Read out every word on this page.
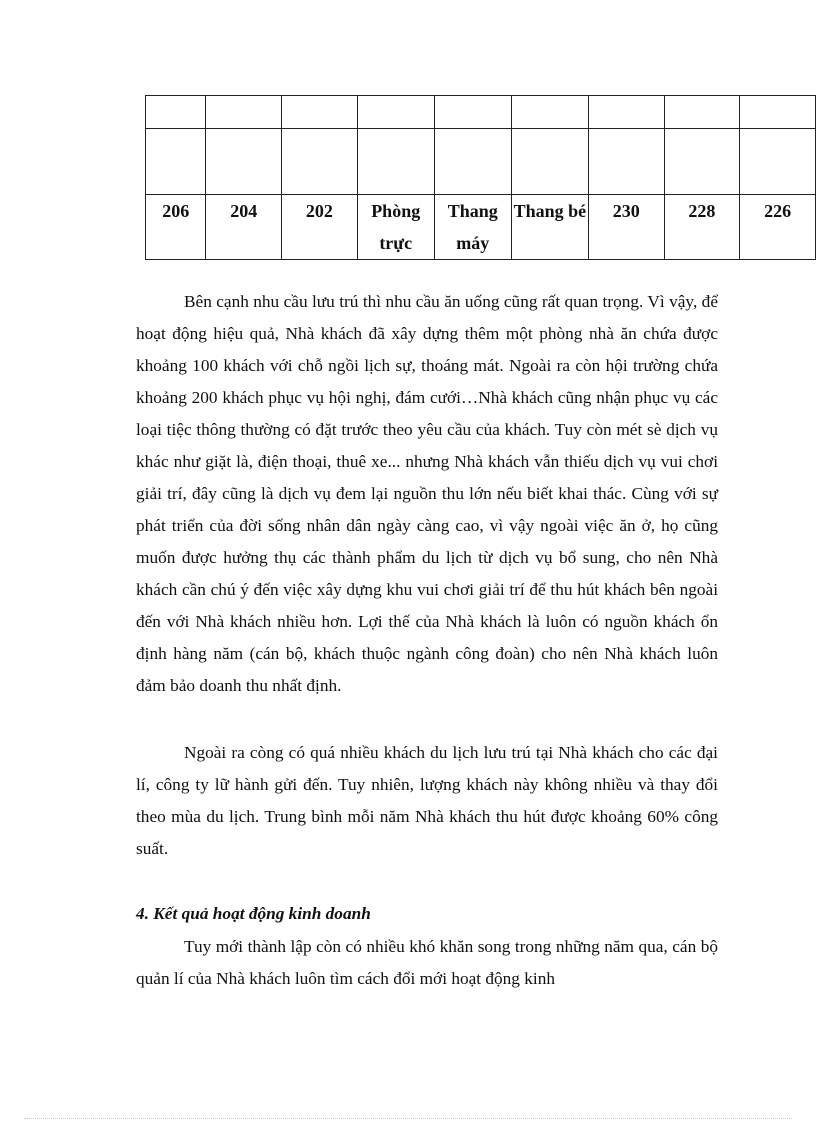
206	204	202	Phòng trực	Thang máy	Thang bé	230	228	226

Bên cạnh nhu cầu lưu trú thì nhu cầu ăn uống cũng rất quan trọng. Vì vậy, để hoạt động hiệu quả, Nhà khách đã xây dựng thêm một phòng nhà ăn chứa được khoảng 100 khách với chỗ ngồi lịch sự, thoáng mát. Ngoài ra còn hội trường chứa khoảng 200 khách phục vụ hội nghị, đám cưới…Nhà khách cũng nhận phục vụ các loại tiệc thông thường có đặt trước theo yêu cầu của khách. Tuy còn mét sè dịch vụ khác như giặt là, điện thoại, thuê xe... nhưng Nhà khách vẫn thiếu dịch vụ vui chơi giải trí, đây cũng là dịch vụ đem lại nguồn thu lớn nếu biết khai thác. Cùng với sự phát triển của đời sống nhân dân ngày càng cao, vì vậy ngoài việc ăn ở, họ cũng muốn được hưởng thụ các thành phẩm du lịch từ dịch vụ bổ sung, cho nên Nhà khách cần chú ý đến việc xây dựng khu vui chơi giải trí để thu hút khách bên ngoài đến với Nhà khách nhiều hơn. Lợi thế của Nhà khách là luôn có nguồn khách ổn định hàng năm (cán bộ, khách thuộc ngành công đoàn) cho nên Nhà khách luôn đảm bảo doanh thu nhất định.

Ngoài ra còng có quá nhiều khách du lịch lưu trú tại Nhà khách cho các đại lí, công ty lữ hành gửi đến. Tuy nhiên, lượng khách này không nhiều và thay đổi theo mùa du lịch. Trung bình mỗi năm Nhà khách thu hút được khoảng 60% công suất.

4. Kết quả hoạt động kinh doanh

Tuy mới thành lập còn có nhiều khó khăn song trong những năm qua, cán bộ quản lí của Nhà khách luôn tìm cách đổi mới hoạt động kinh
